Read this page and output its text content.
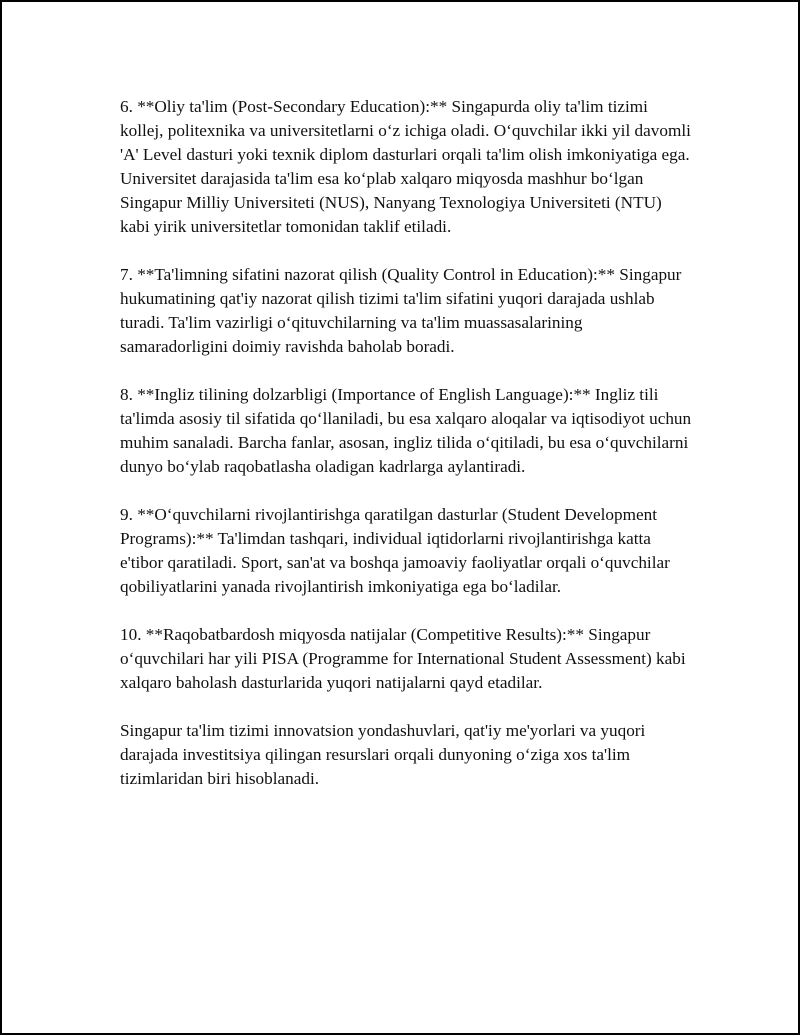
6. **Oliy ta'lim (Post-Secondary Education):** Singapurda oliy ta'lim tizimi kollej, politexnika va universitetlarni o‘z ichiga oladi. O‘quvchilar ikki yil davomli 'A' Level dasturi yoki texnik diplom dasturlari orqali ta'lim olish imkoniyatiga ega. Universitet darajasida ta'lim esa ko‘plab xalqaro miqyosda mashhur bo‘lgan Singapur Milliy Universiteti (NUS), Nanyang Texnologiya Universiteti (NTU) kabi yirik universitetlar tomonidan taklif etiladi.

7. **Ta'limning sifatini nazorat qilish (Quality Control in Education):** Singapur hukumatining qat'iy nazorat qilish tizimi ta'lim sifatini yuqori darajada ushlab turadi. Ta'lim vazirligi o‘qituvchilarning va ta'lim muassasalarining samaradorligini doimiy ravishda baholab boradi.

8. **Ingliz tilining dolzarbligi (Importance of English Language):** Ingliz tili ta'limda asosiy til sifatida qo‘llaniladi, bu esa xalqaro aloqalar va iqtisodiyot uchun muhim sanaladi. Barcha fanlar, asosan, ingliz tilida o‘qitiladi, bu esa o‘quvchilarni dunyo bo‘ylab raqobatlasha oladigan kadrlarga aylantiradi.

9. **O‘quvchilarni rivojlantirishga qaratilgan dasturlar (Student Development Programs):** Ta'limdan tashqari, individual iqtidorlarni rivojlantirishga katta e'tibor qaratiladi. Sport, san'at va boshqa jamoaviy faoliyatlar orqali o‘quvchilar qobiliyatlarini yanada rivojlantirish imkoniyatiga ega bo‘ladilar.

10. **Raqobatbardosh miqyosda natijalar (Competitive Results):** Singapur o‘quvchilari har yili PISA (Programme for International Student Assessment) kabi xalqaro baholash dasturlarida yuqori natijalarni qayd etadilar.

Singapur ta'lim tizimi innovatsion yondashuvlari, qat'iy me'yorlari va yuqori darajada investitsiya qilingan resurslari orqali dunyoning o‘ziga xos ta'lim tizimlaridan biri hisoblanadi.
